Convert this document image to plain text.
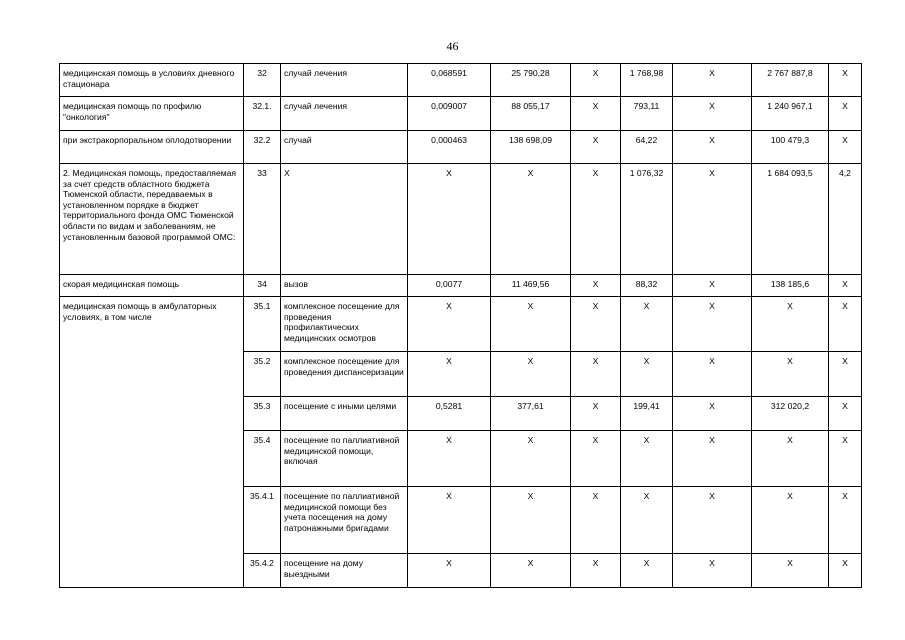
46
медицинская помощь в условиях дневного стационара	32	случай лечения	0,068591	25 790,28	Х	1 768,98	Х	2 767 887,8	Х
медицинская помощь по профилю "онкология"	32.1.	случай лечения	0,009007	88 055,17	Х	793,11	Х	1 240 967,1	Х
при экстракорпоральном оплодотворении	32.2	случай	0,000463	138 698,09	Х	64,22	Х	100 479,3	Х
2. Медицинская помощь, предоставляемая за счет средств областного бюджета Тюменской области, передаваемых в установленном порядке в бюджет территориального фонда ОМС Тюменской области по видам и заболеваниям, не установленным базовой программой ОМС:	33	Х	Х	Х	Х	1 076,32	Х	1 684 093,5	4,2
скорая медицинская помощь	34	вызов	0,0077	11 469,56	Х	88,32	Х	138 185,6	Х
медицинская помощь в амбулаторных условиях, в том числе	35.1	комплексное посещение для проведения профилактических медицинских осмотров	Х	Х	Х	Х	Х	Х	Х
	35.2	комплексное посещение для проведения диспансеризации	Х	Х	Х	Х	Х	Х	Х
	35.3	посещение с иными целями	0,5281	377,61	Х	199,41	Х	312 020,2	Х
	35.4	посещение по паллиативной медицинской помощи, включая	Х	Х	Х	Х	Х	Х	Х
	35.4.1	посещение по паллиативной медицинской помощи без учета посещения на дому патронажными бригадами	Х	Х	Х	Х	Х	Х	Х
	35.4.2	посещение на дому выездными	Х	Х	Х	Х	Х	Х	Х
